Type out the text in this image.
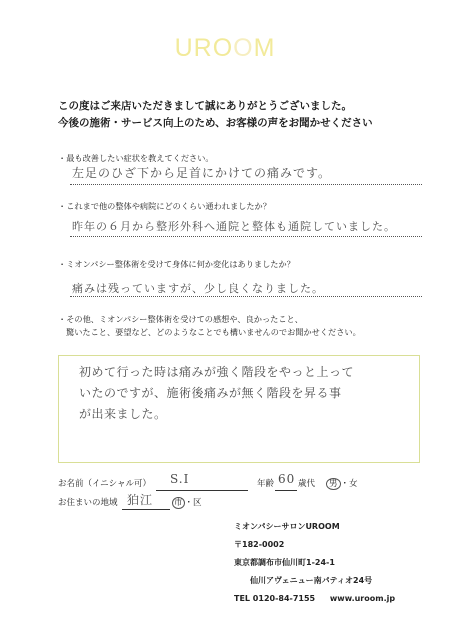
UROOM
この度はご来店いただきまして誠にありがとうございました。
今後の施術・サービス向上のため、お客様の声をお聞かせください
・最も改善したい症状を教えてください。
左足のひざ下から足首にかけての痛みです。
・これまで他の整体や病院にどのくらい通われましたか？
昨年の６月から整形外科へ通院と整体も通院していました。
・ミオンパシー整体術を受けて身体に何か変化はありましたか？
痛みは残っていますが、少し良くなりました。
・その他、ミオンパシー整体術を受けての感想や、良かったこと、
驚いたこと、要望など、どのようなことでも構いませんのでお聞かせください。
初めて行った時は痛みが強く階段をやっと上って
いたのですが、施術後痛みが無く階段を昇る事
が出来ました。
お名前（イニシャル可） S.I	年齢 60 歳代	男 ・女
お住まいの地域 狛江 市 ・区
ミオンパシーサロンUROOM
〒182-0002
東京都調布市仙川町1-24-1
仙川アヴェニュー南パティオ24号
TEL 0120-84-7155 www.uroom.jp
